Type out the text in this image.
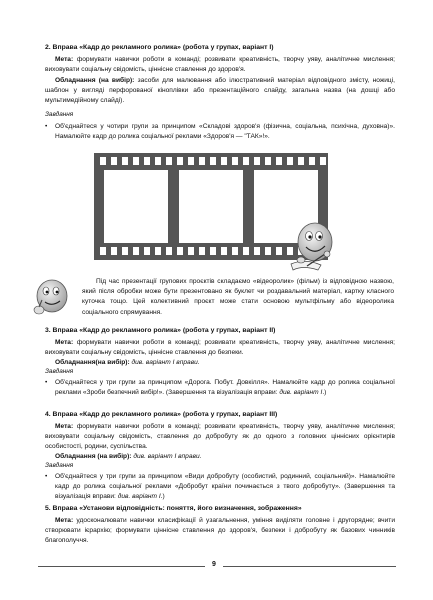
2. Вправа «Кадр до рекламного ролика» (робота у групах, варіант І)
Мета: формувати навички роботи в команді; розвивати креативність, творчу уяву, аналітичне мислення; виховувати соціальну свідомість, ціннісне ставлення до здоров'я.
Обладнання (на вибір): засоби для малювання або ілюстративний матеріал відповідного змісту, ножиці, шаблон у вигляді перфорованої кіноплівки або презентаційного слайду, загальна назва (на дошці або мультимедійному слайді).
Завдання
• Об'єднайтеся у чотири групи за принципом «Складові здоров'я (фізична, соціальна, психічна, духовна)». Намалюйте кадр до ролика соціальної реклами «Здоров'я — "ТАК»!».
Під час презентації групових проєктів складаємо «відеоролик» (фільм) із відповідною назвою, який після обробки може бути презентовано як буклет чи роздавальний матеріал, картку класного куточка тощо. Цей колективний проєкт може стати основою мультфільму або відеоролика соціального спрямування.
3. Вправа «Кадр до рекламного ролика» (робота у групах, варіант ІІ)
Мета: формувати навички роботи в команді; розвивати креативність, творчу уяву, аналітичне мислення; виховувати соціальну свідомість, ціннісне ставлення до безпеки.
Обладнання(на вибір): див. варіант І вправи.
Завдання
• Об'єднайтеся у три групи за принципом «Дорога. Побут. Довкілля». Намалюйте кадр до ролика соціальної реклами «Зроби безпечний вибір!». (Завершення та візуалізація вправи: див. варіант І.)
4. Вправа «Кадр до рекламного ролика» (робота у групах, варіант ІІІ)
Мета: формувати навички роботи в команді; розвивати креативність, творчу уяву, аналітичне мислення; виховувати соціальну свідомість, ставлення до добробуту як до одного з головних ціннісних орієнтирів особистості, родини, суспільства.
Обладнання (на вибір): див. варіант І вправи.
Завдання
• Об'єднайтеся у три групи за принципом «Види добробуту (особистий, родинний, соціальний)». Намалюйте кадр до ролика соціальної реклами «Добробут країни починається з твого добробуту». (Завершення та візуалізація вправи: див. варіант І.)
5. Вправа «Установи відповідність: поняття, його визначення, зображення»
Мета: удосконалювати навички класифікації й узагальнення, уміння виділяти головне і другорядне; вчити створювати ієрархію; формувати ціннісне ставлення до здоров'я, безпеки і добробуту як базових чинників благополуччя.
9
